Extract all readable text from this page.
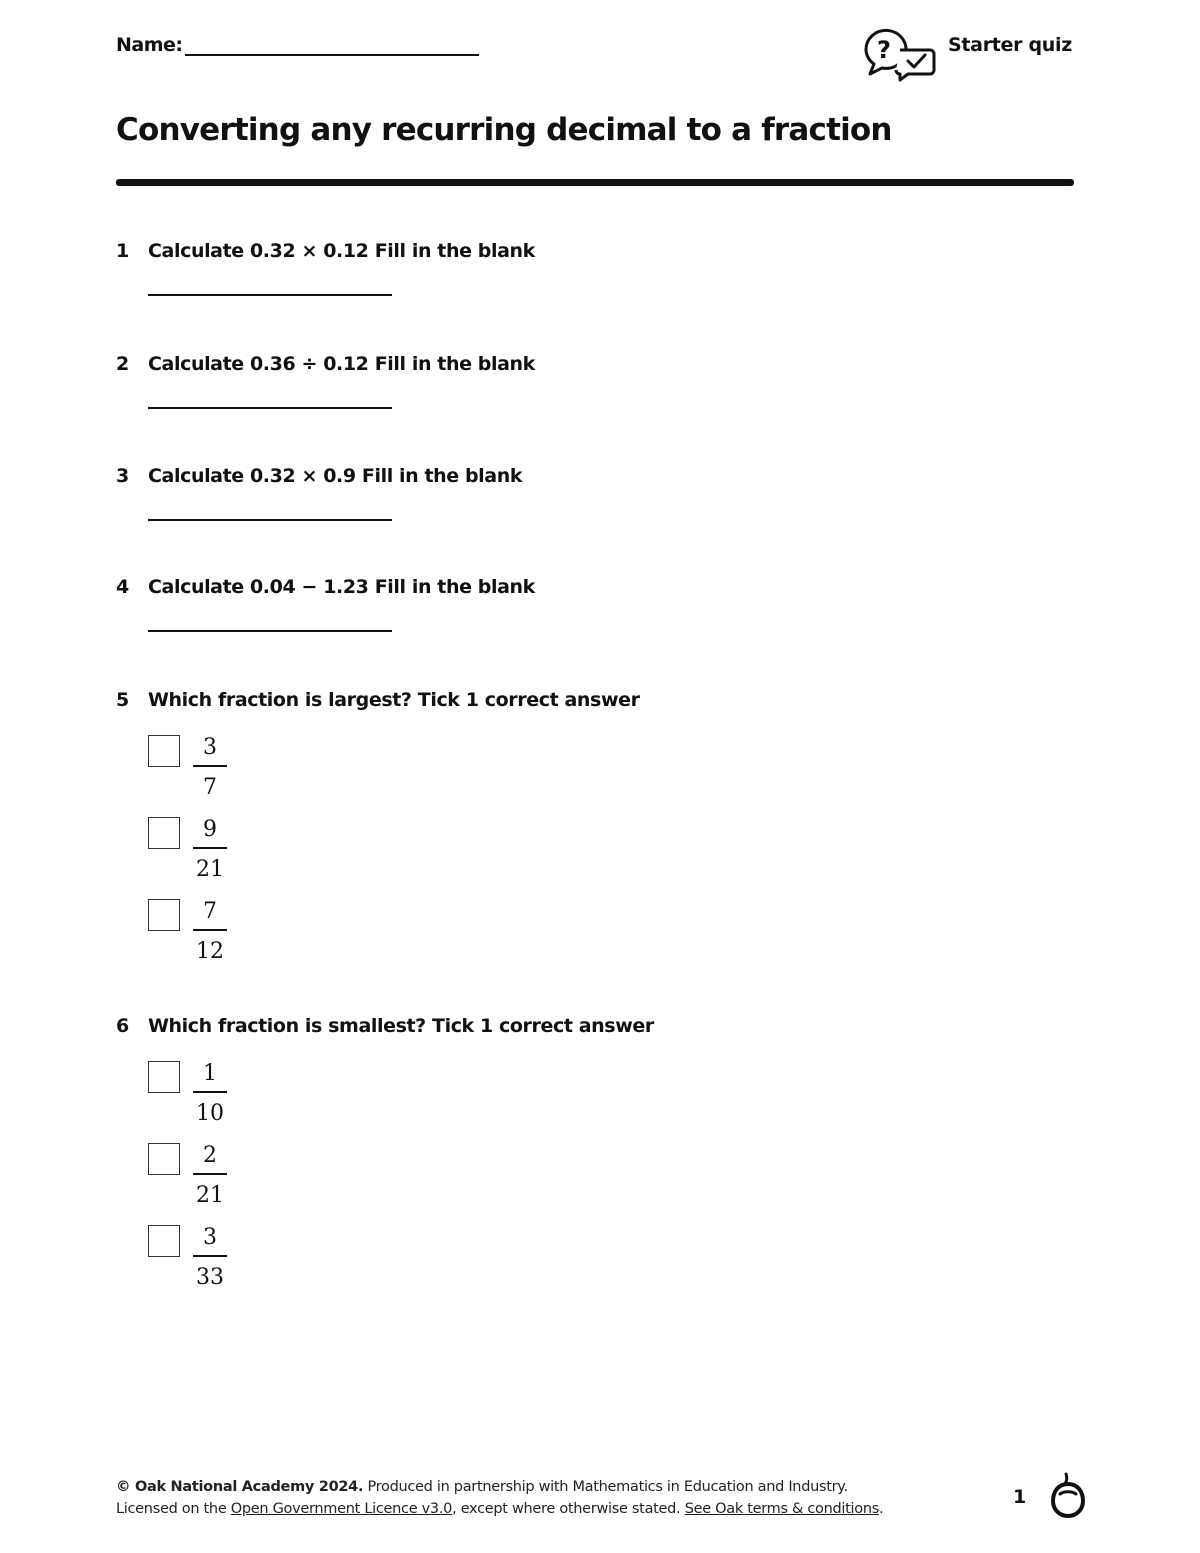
Name:	?	Starter quiz
Converting any recurring decimal to a fraction
1	Calculate 0.32 × 0.12 Fill in the blank
2	Calculate 0.36 ÷ 0.12 Fill in the blank
3	Calculate 0.32 × 0.9 Fill in the blank
4	Calculate 0.04 − 1.23 Fill in the blank
5	Which fraction is largest? Tick 1 correct answer
$\frac{3}{7}$
$\frac{9}{21}$
$\frac{7}{12}$
6	Which fraction is smallest? Tick 1 correct answer
$\frac{1}{10}$
$\frac{2}{21}$
$\frac{3}{33}$
© Oak National Academy 2024. Produced in partnership with Mathematics in Education and Industry.
Licensed on the Open Government Licence v3.0, except where otherwise stated. See Oak terms & conditions.
1
